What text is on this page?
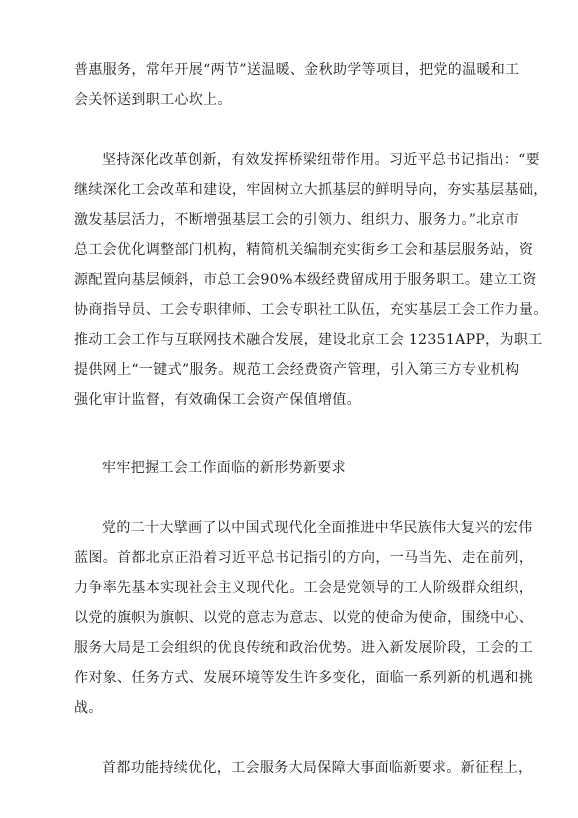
普惠服务，常年开展“两节”送温暖、金秋助学等项目，把党的温暖和工
会关怀送到职工心坎上。
坚持深化改革创新，有效发挥桥梁纽带作用。习近平总书记指出：“要
继续深化工会改革和建设，牢固树立大抓基层的鲜明导向，夯实基层基础，
激发基层活力，不断增强基层工会的引领力、组织力、服务力。”北京市
总工会优化调整部门机构，精简机关编制充实街乡工会和基层服务站，资
源配置向基层倾斜，市总工会90%本级经费留成用于服务职工。建立工资
协商指导员、工会专职律师、工会专职社工队伍，充实基层工会工作力量。
推动工会工作与互联网技术融合发展，建设北京工会 12351APP，为职工
提供网上“一键式”服务。规范工会经费资产管理，引入第三方专业机构
强化审计监督，有效确保工会资产保值增值。
牢牢把握工会工作面临的新形势新要求
党的二十大擘画了以中国式现代化全面推进中华民族伟大复兴的宏伟
蓝图。首都北京正沿着习近平总书记指引的方向，一马当先、走在前列，
力争率先基本实现社会主义现代化。工会是党领导的工人阶级群众组织，
以党的旗帜为旗帜、以党的意志为意志、以党的使命为使命，围绕中心、
服务大局是工会组织的优良传统和政治优势。进入新发展阶段，工会的工
作对象、任务方式、发展环境等发生许多变化，面临一系列新的机遇和挑
战。
首都功能持续优化，工会服务大局保障大事面临新要求。新征程上，
